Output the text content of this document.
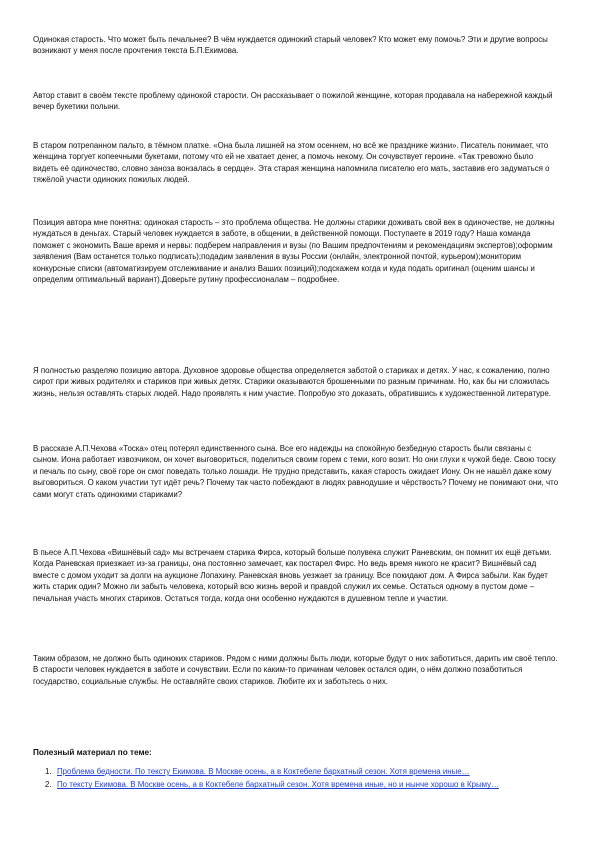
Одинокая старость. Что может быть печальнее? В чём нуждается одинокий старый человек? Кто может ему помочь? Эти и другие вопросы возникают у меня после прочтения текста Б.П.Екимова.

Автор ставит в своём тексте проблему одинокой старости. Он рассказывает о пожилой женщине, которая продавала на набережной каждый вечер букетики полыни.

В старом потрепанном пальто, в тёмном платке. «Она была лишней на этом осеннем, но всё же празднике жизни». Писатель понимает, что женщина торгует копеечными букетами, потому что ей не хватает денег, а помочь некому. Он сочувствует героине. «Так тревожно было видеть её одиночество, словно заноза вонзалась в сердце». Эта старая женщина напомнила писателю его мать, заставив его задуматься о тяжёлой участи одиноких пожилых людей.

Позиция автора мне понятна: одинокая старость – это проблема общества. Не должны старики доживать свой век в одиночестве, не должны нуждаться в деньгах. Старый человек нуждается в заботе, в общении, в действенной помощи. Поступаете в 2019 году? Наша команда поможет с экономить Ваше время и нервы: подберем направления и вузы (по Вашим предпочтениям и рекомендациям экспертов);оформим заявления (Вам останется только подписать);подадим заявления в вузы России (онлайн, электронной почтой, курьером);мониторим конкурсные списки (автоматизируем отслеживание и анализ Ваших позиций);подскажем когда и куда подать оригинал (оценим шансы и определим оптимальный вариант).Доверьте рутину профессионалам – подробнее.

Я полностью разделяю позицию автора. Духовное здоровье общества определяется заботой о стариках и детях. У нас, к сожалению, полно сирот при живых родителях и стариков при живых детях. Старики оказываются брошенными по разным причинам. Но, как бы ни сложилась жизнь, нельзя оставлять старых людей. Надо проявлять к ним участие. Попробую это доказать, обратившись к художественной литературе.

В рассказе А.П.Чехова «Тоска» отец потерял единственного сына. Все его надежды на спокойную безбедную старость были связаны с сыном. Иона работает извозчиком, он хочет выговориться, поделиться своим горем с теми, кого возит. Но они глухи к чужой беде. Свою тоску и печаль по сыну, своё горе он смог поведать только лошади. Не трудно представить, какая старость ожидает Иону. Он не нашёл даже кому выговориться. О каком участии тут идёт речь? Почему так часто побеждают в людях равнодушие и чёрствость? Почему не понимают они, что сами могут стать одинокими стариками?

В пьесе А.П.Чехова «Вишнёвый сад» мы встречаем старика Фирса, который больше полувека служит Раневским, он помнит их ещё детьми. Когда Раневская приезжает из-за границы, она постоянно замечает, как постарел Фирс. Но ведь время никого не красит? Вишнёвый сад вместе с домом уходит за долги на аукционе Лопахину. Раневская вновь уезжает за границу. Все покидают дом. А Фирса забыли. Как будет жить старик один? Можно ли забыть человека, который всю жизнь верой и правдой служил их семье. Остаться одному в пустом доме – печальная участь многих стариков. Остаться тогда, когда они особенно нуждаются в душевном тепле и участии.

Таким образом, не должно быть одиноких стариков. Рядом с ними должны быть люди, которые будут о них заботиться, дарить им своё тепло. В старости человек нуждается в заботе и сочувствии. Если по каким-то причинам человек остался один, о нём должно позаботиться государство, социальные службы. Не оставляйте своих стариков. Любите их и заботьтесь о них.

Полезный материал по теме:

1. Проблема бедности. По тексту Екимова. В Москве осень, а в Коктебеле бархатный сезон. Хотя времена иные…
2. По тексту Екимова. В Москве осень, а в Коктебеле бархатный сезон. Хотя времена иные, но и нынче хорошо в Крыму…
